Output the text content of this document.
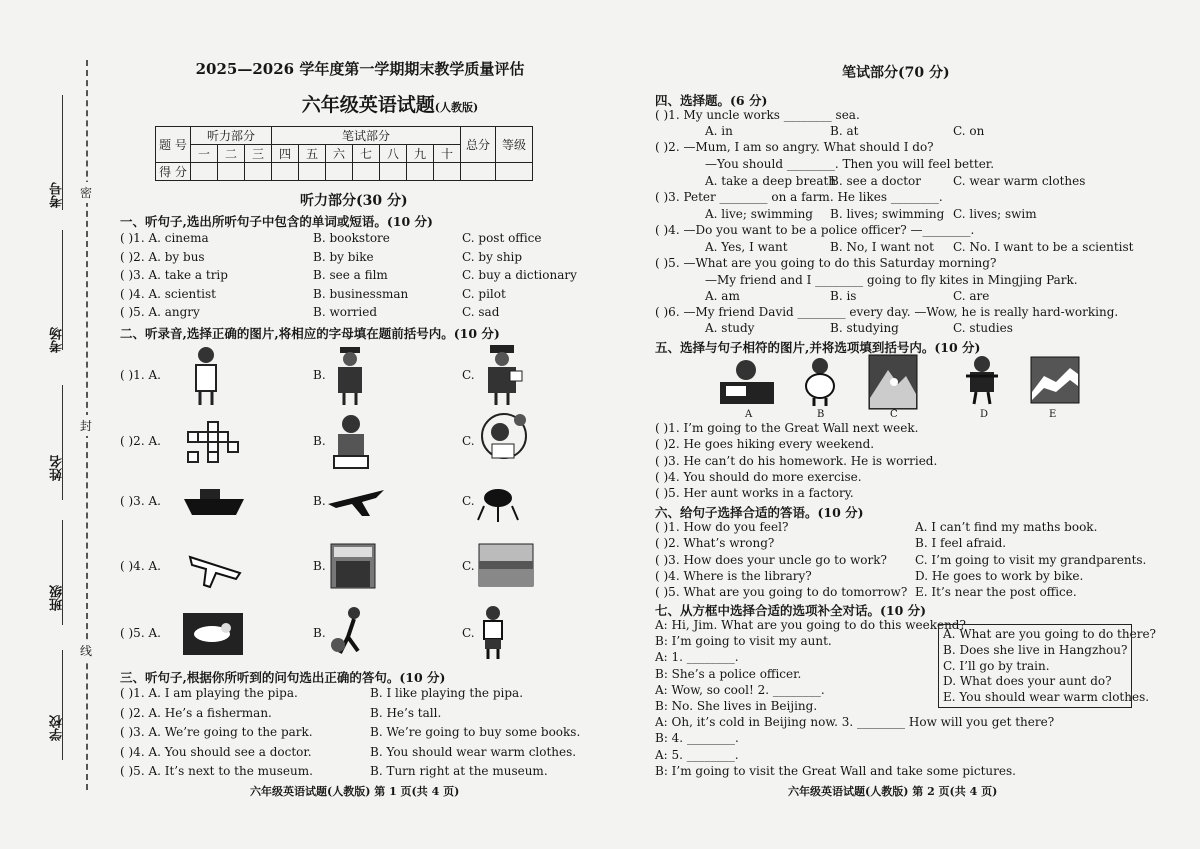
考号
考场
姓名
班级
学校
密
封
线
2025—2026 学年度第一学期期末教学质量评估
六年级英语试题(人教版)
题 号	听力部分			笔试部分							总分	等级
	一	二	三	四	五	六	七	八	九	十		
得 分												
听力部分(30 分)
一、听句子,选出所听句子中包含的单词或短语。(10 分)
( )1. A. cinema	B. bookstore	C. post office
( )2. A. by bus	B. by bike	C. by ship
( )3. A. take a trip	B. see a film	C. buy a dictionary
( )4. A. scientist	B. businessman	C. pilot
( )5. A. angry	B. worried	C. sad
二、听录音,选择正确的图片,将相应的字母填在题前括号内。(10 分)
( )1. A.	B.	C.
( )2. A.	B.	C.
( )3. A.	B.	C.
( )4. A.	B.	C.
( )5. A.	B.	C.
三、听句子,根据你所听到的问句选出正确的答句。(10 分)
( )1. A. I am playing the pipa.	B. I like playing the pipa.
( )2. A. He’s a fisherman.	B. He’s tall.
( )3. A. We’re going to the park.	B. We’re going to buy some books.
( )4. A. You should see a doctor.	B. You should wear warm clothes.
( )5. A. It’s next to the museum.	B. Turn right at the museum.
六年级英语试题(人教版) 第 1 页(共 4 页)
笔试部分(70 分)
四、选择题。(6 分)
( )1. My uncle works ________ sea.
A. in	B. at	C. on
( )2. —Mum, I am so angry. What should I do?
—You should ________. Then you will feel better.
A. take a deep breath
B. see a doctor	C. wear warm clothes
( )3. Peter ________ on a farm. He likes ________.
A. live; swimming B. lives; swimming C. lives; swim
( )4. —Do you want to be a police officer? —________.
A. Yes, I want	B. No, I want not C. No. I want to be a scientist
( )5. —What are you going to do this Saturday morning?
—My friend and I ________ going to fly kites in Mingjing Park.
A. am	B. is	C. are
( )6. —My friend David ________ every day. —Wow, he is really hard-working.
A. study	B. studying	C. studies
五、选择与句子相符的图片,并将选项填到括号内。(10 分)
A	B	C	D	E
( )1. I’m going to the Great Wall next week.
( )2. He goes hiking every weekend.
( )3. He can’t do his homework. He is worried.
( )4. You should do more exercise.
( )5. Her aunt works in a factory.
六、给句子选择合适的答语。(10 分)
( )1. How do you feel?	A. I can’t find my maths book.
( )2. What’s wrong?	B. I feel afraid.
( )3. How does your uncle go to work? C. I’m going to visit my grandparents.
( )4. Where is the library?	D. He goes to work by bike.
( )5. What are you going to do tomorrow? E. It’s near the post office.
七、从方框中选择合适的选项补全对话。(10 分)
A: Hi, Jim. What are you going to do this weekend?
B: I’m going to visit my aunt.
A: 1. ________.
B: She’s a police officer.
A: Wow, so cool! 2. ________.
B: No. She lives in Beijing.
A: Oh, it’s cold in Beijing now. 3. ________ How will you get there?
B: 4. ________.
A: 5. ________.
B: I’m going to visit the Great Wall and take some pictures.
A. What are you going to do there?
B. Does she live in Hangzhou?
C. I’ll go by train.
D. What does your aunt do?
E. You should wear warm clothes.
六年级英语试题(人教版) 第 2 页(共 4 页)
